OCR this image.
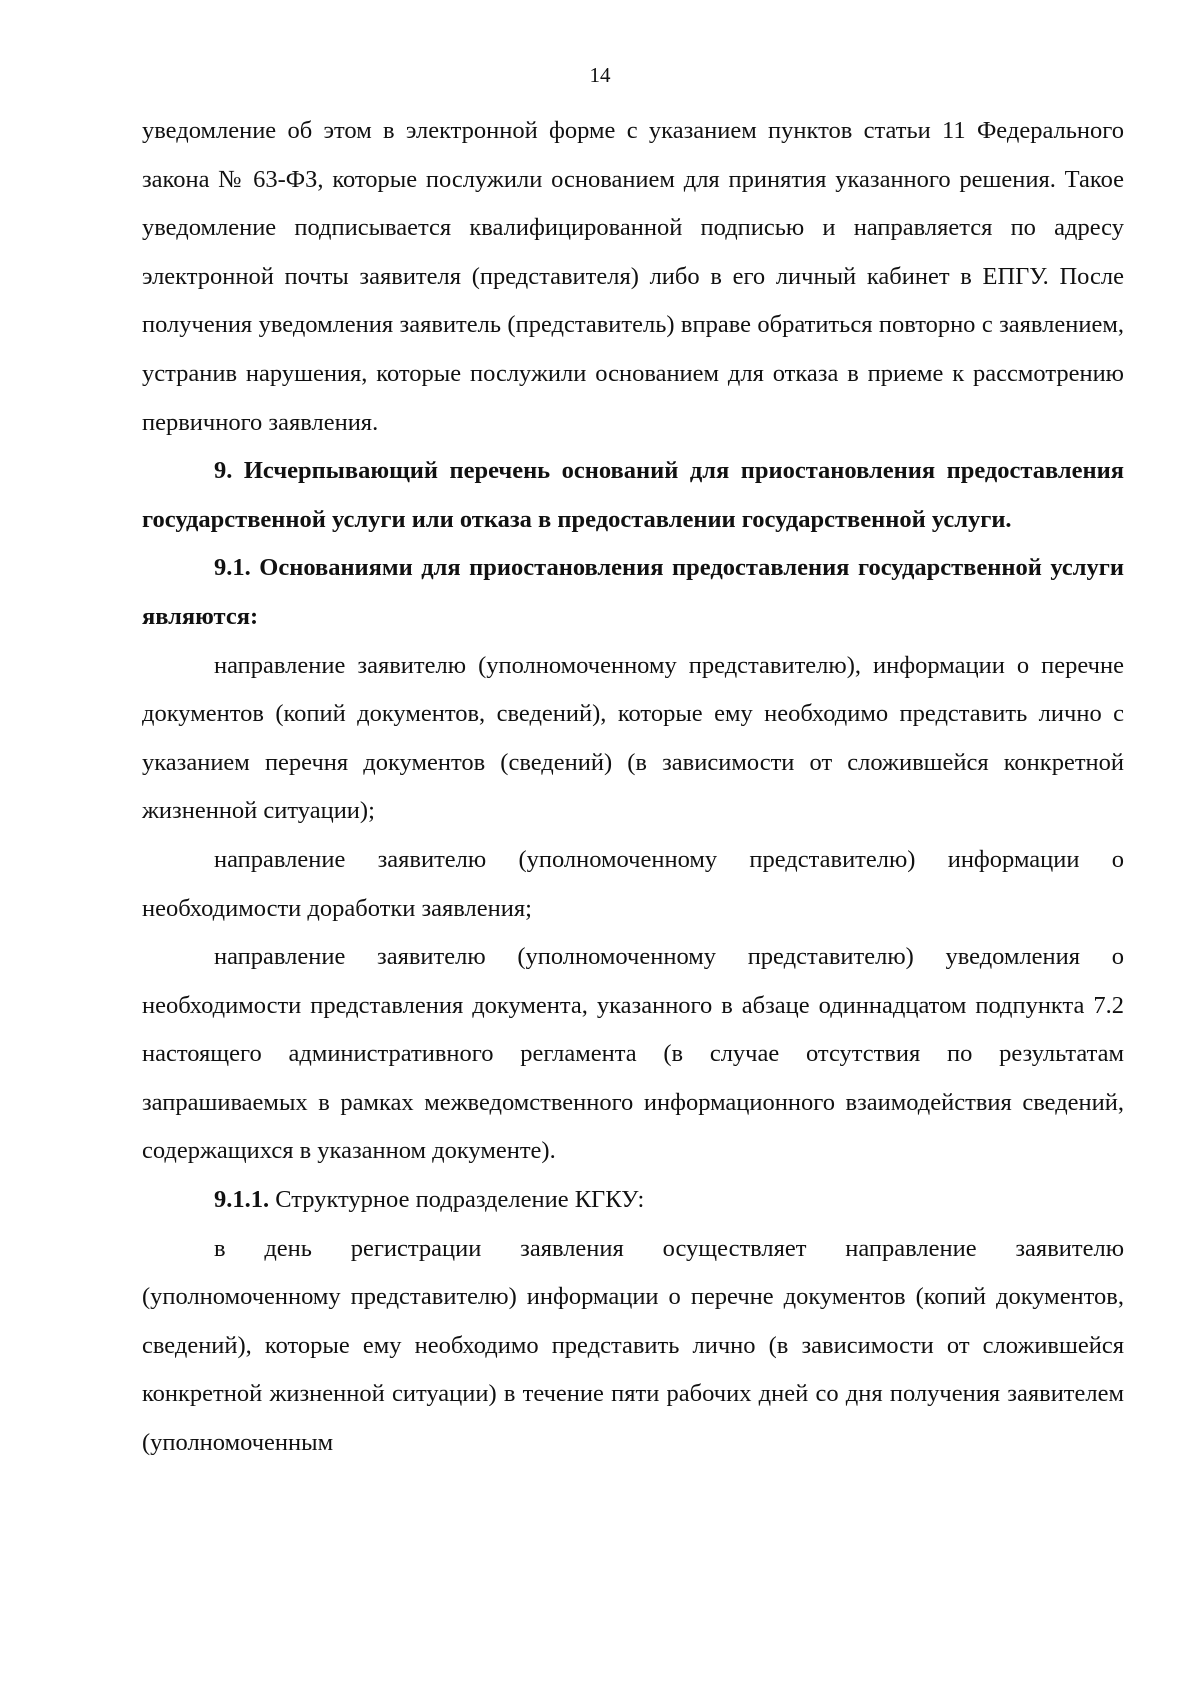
14

уведомление об этом в электронной форме с указанием пунктов статьи 11 Федерального закона № 63-ФЗ, которые послужили основанием для принятия указанного решения. Такое уведомление подписывается квалифицированной подписью и направляется по адресу электронной почты заявителя (представителя) либо в его личный кабинет в ЕПГУ. После получения уведомления заявитель (представитель) вправе обратиться повторно с заявлением, устранив нарушения, которые послужили основанием для отказа в приеме к рассмотрению первичного заявления.

9. Исчерпывающий перечень оснований для приостановления предоставления государственной услуги или отказа в предоставлении государственной услуги.

9.1. Основаниями для приостановления предоставления государственной услуги являются:

направление заявителю (уполномоченному представителю), информации о перечне документов (копий документов, сведений), которые ему необходимо представить лично с указанием перечня документов (сведений) (в зависимости от сложившейся конкретной жизненной ситуации);

направление заявителю (уполномоченному представителю) информации о необходимости доработки заявления;

направление заявителю (уполномоченному представителю) уведомления о необходимости представления документа, указанного в абзаце одиннадцатом подпункта 7.2 настоящего административного регламента (в случае отсутствия по результатам запрашиваемых в рамках межведомственного информационного взаимодействия сведений, содержащихся в указанном документе).

9.1.1. Структурное подразделение КГКУ:

в день регистрации заявления осуществляет направление заявителю (уполномоченному представителю) информации о перечне документов (копий документов, сведений), которые ему необходимо представить лично (в зависимости от сложившейся конкретной жизненной ситуации) в течение пяти рабочих дней со дня получения заявителем (уполномоченным
